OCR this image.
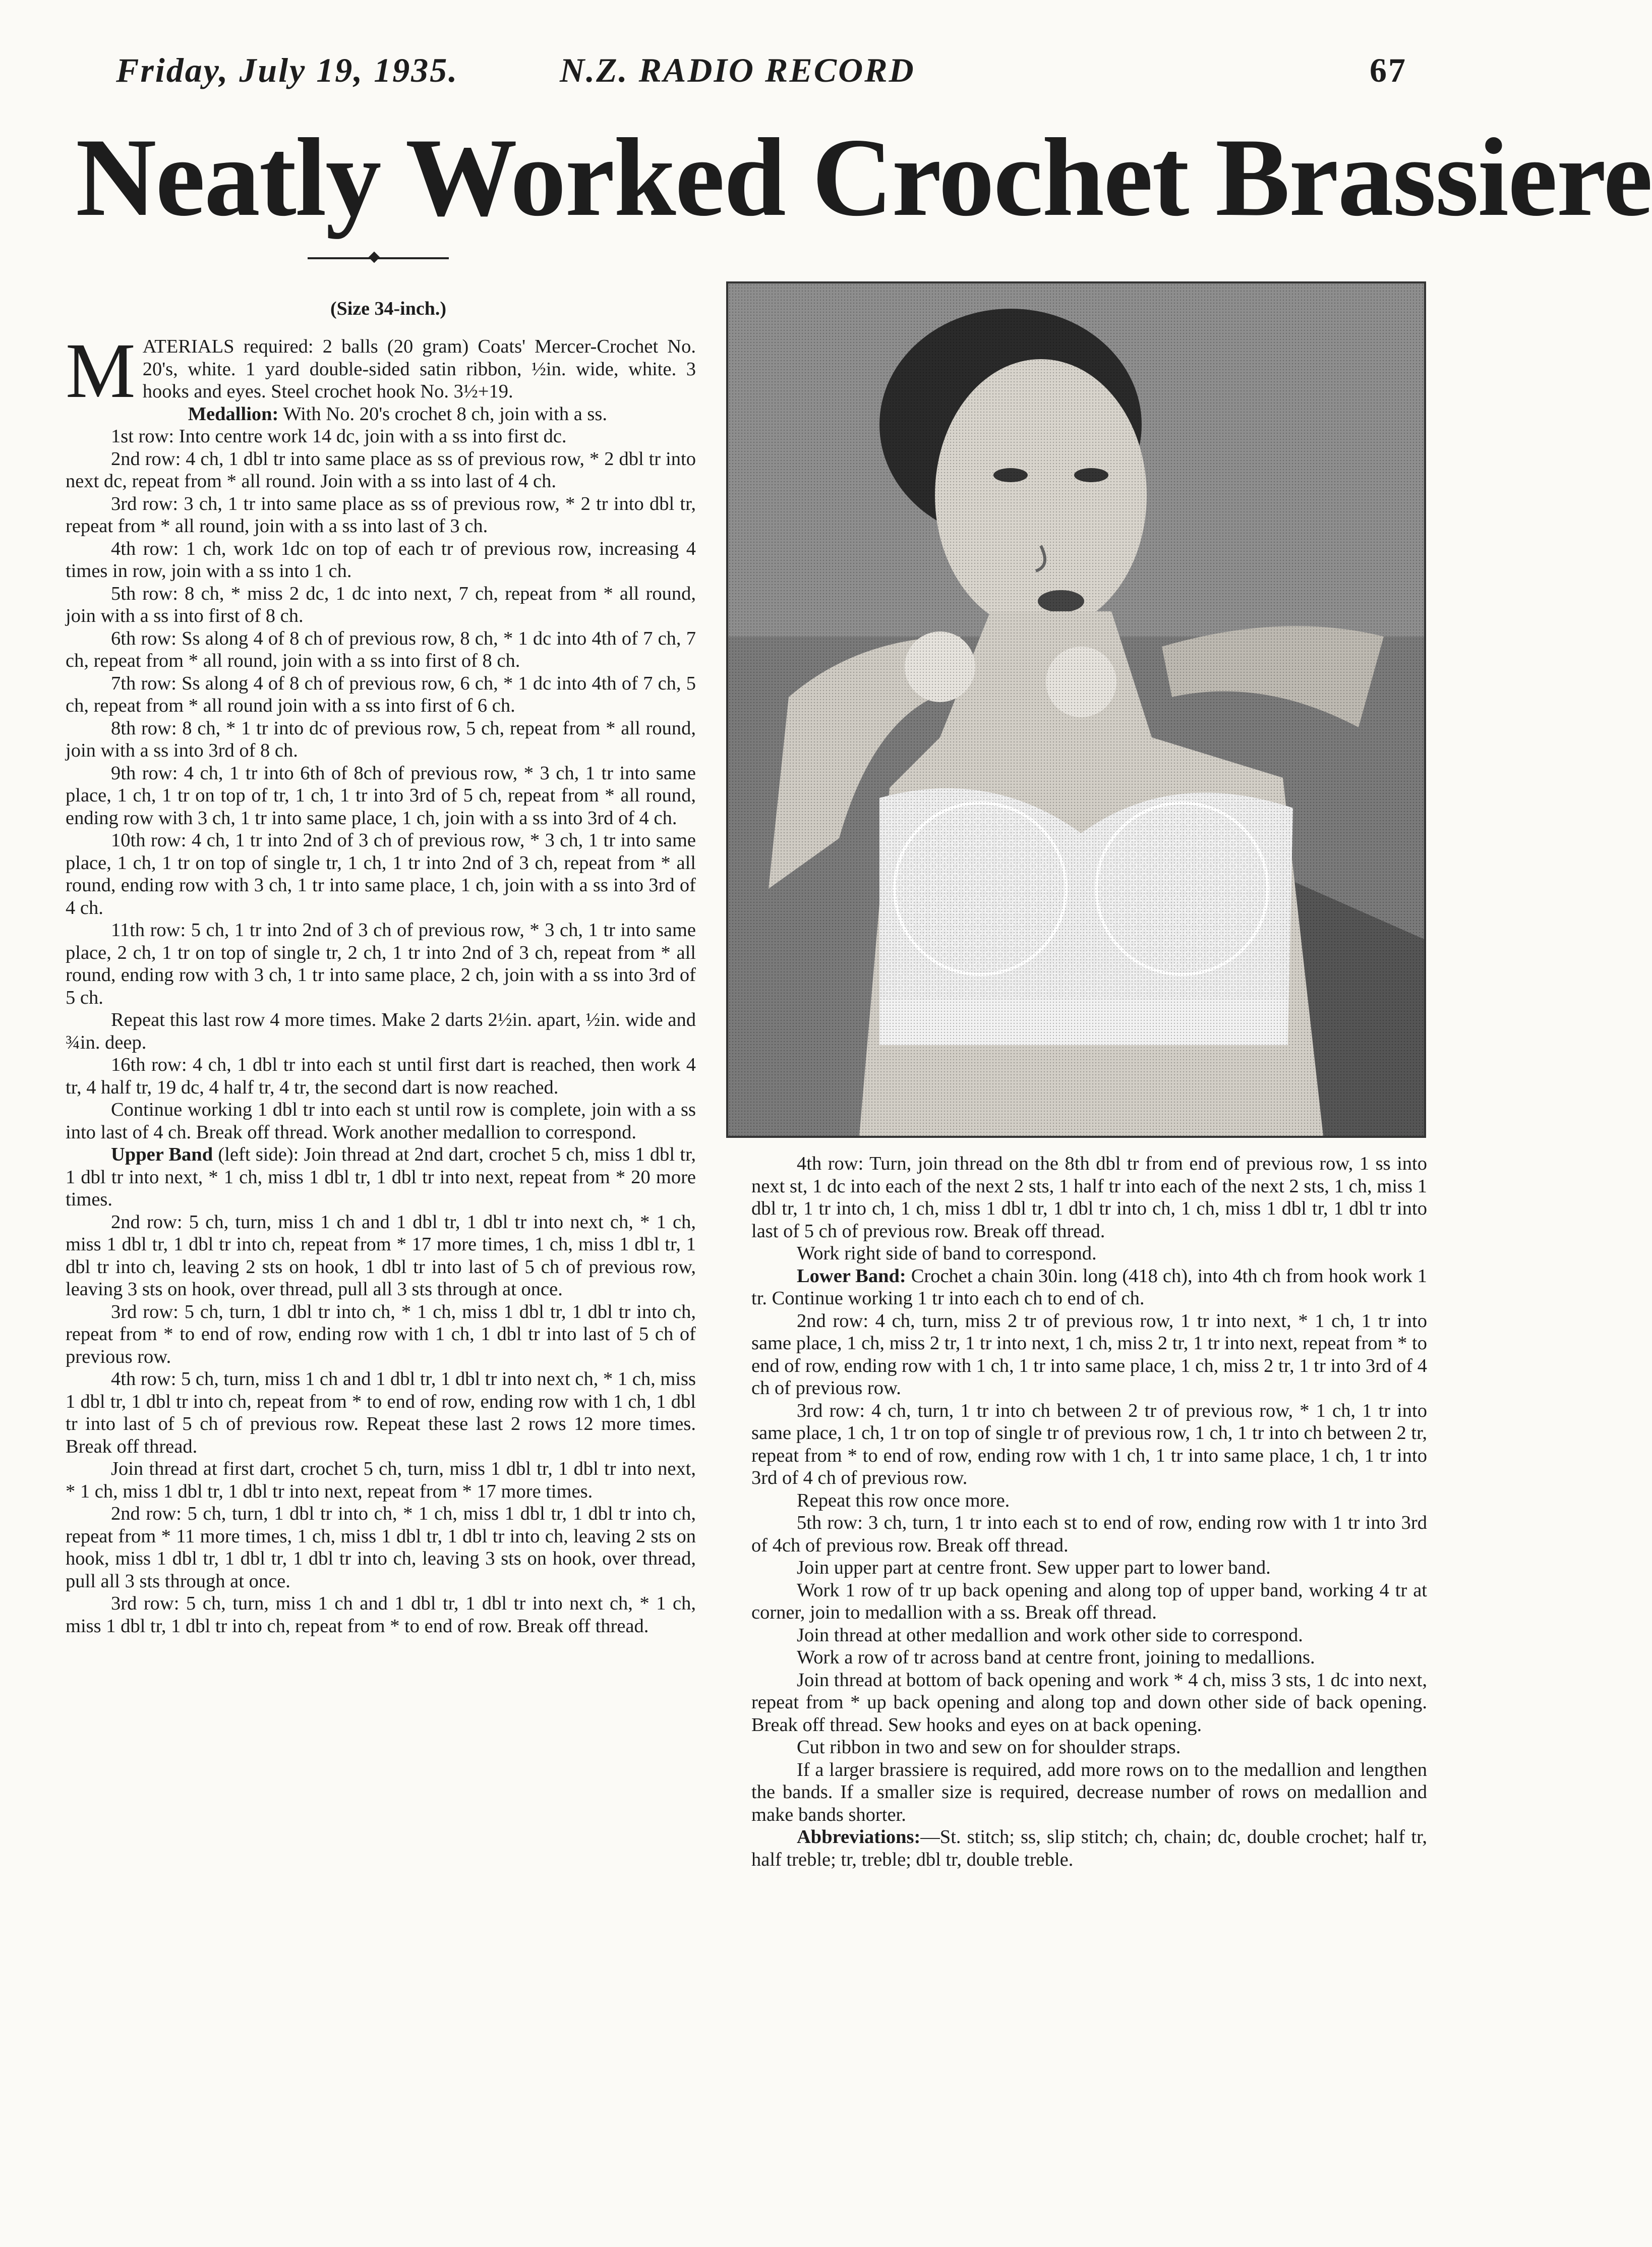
Friday, July 19, 1935.	N.Z. RADIO RECORD	67
Neatly Worked Crochet Brassiere
(Size 34-inch.)

MATERIALS required: 2 balls (20 gram) Coats' Mercer-Crochet No. 20's, white. 1 yard double-sided satin ribbon, ½in. wide, white. 3 hooks and eyes. Steel crochet hook No. 3½+19.

Medallion: With No. 20's crochet 8 ch, join with a ss.

1st row: Into centre work 14 dc, join with a ss into first dc.

2nd row: 4 ch, 1 dbl tr into same place as ss of previous row, * 2 dbl tr into next dc, repeat from * all round. Join with a ss into last of 4 ch.

3rd row: 3 ch, 1 tr into same place as ss of previous row, * 2 tr into dbl tr, repeat from * all round, join with a ss into last of 3 ch.

4th row: 1 ch, work 1dc on top of each tr of previous row, increasing 4 times in row, join with a ss into 1 ch.

5th row: 8 ch, * miss 2 dc, 1 dc into next, 7 ch, repeat from * all round, join with a ss into first of 8 ch.

6th row: Ss along 4 of 8 ch of previous row, 8 ch, * 1 dc into 4th of 7 ch, 7 ch, repeat from * all round, join with a ss into first of 8 ch.

7th row: Ss along 4 of 8 ch of previous row, 6 ch, * 1 dc into 4th of 7 ch, 5 ch, repeat from * all round join with a ss into first of 6 ch.

8th row: 8 ch, * 1 tr into dc of previous row, 5 ch, repeat from * all round, join with a ss into 3rd of 8 ch.

9th row: 4 ch, 1 tr into 6th of 8ch of previous row, * 3 ch, 1 tr into same place, 1 ch, 1 tr on top of tr, 1 ch, 1 tr into 3rd of 5 ch, repeat from * all round, ending row with 3 ch, 1 tr into same place, 1 ch, join with a ss into 3rd of 4 ch.

10th row: 4 ch, 1 tr into 2nd of 3 ch of previous row, * 3 ch, 1 tr into same place, 1 ch, 1 tr on top of single tr, 1 ch, 1 tr into 2nd of 3 ch, repeat from * all round, ending row with 3 ch, 1 tr into same place, 1 ch, join with a ss into 3rd of 4 ch.

11th row: 5 ch, 1 tr into 2nd of 3 ch of previous row, * 3 ch, 1 tr into same place, 2 ch, 1 tr on top of single tr, 2 ch, 1 tr into 2nd of 3 ch, repeat from * all round, ending row with 3 ch, 1 tr into same place, 2 ch, join with a ss into 3rd of 5 ch.

Repeat this last row 4 more times. Make 2 darts 2½in. apart, ½in. wide and ¾in. deep.

16th row: 4 ch, 1 dbl tr into each st until first dart is reached, then work 4 tr, 4 half tr, 19 dc, 4 half tr, 4 tr, the second dart is now reached.

Continue working 1 dbl tr into each st until row is complete, join with a ss into last of 4 ch. Break off thread. Work another medallion to correspond.

Upper Band (left side): Join thread at 2nd dart, crochet 5 ch, miss 1 dbl tr, 1 dbl tr into next, * 1 ch, miss 1 dbl tr, 1 dbl tr into next, repeat from * 20 more times.

2nd row: 5 ch, turn, miss 1 ch and 1 dbl tr, 1 dbl tr into next ch, * 1 ch, miss 1 dbl tr, 1 dbl tr into ch, repeat from * 17 more times, 1 ch, miss 1 dbl tr, 1 dbl tr into ch, leaving 2 sts on hook, 1 dbl tr into last of 5 ch of previous row, leaving 3 sts on hook, over thread, pull all 3 sts through at once.

3rd row: 5 ch, turn, 1 dbl tr into ch, * 1 ch, miss 1 dbl tr, 1 dbl tr into ch, repeat from * to end of row, ending row with 1 ch, 1 dbl tr into last of 5 ch of previous row.

4th row: 5 ch, turn, miss 1 ch and 1 dbl tr, 1 dbl tr into next ch, * 1 ch, miss 1 dbl tr, 1 dbl tr into ch, repeat from * to end of row, ending row with 1 ch, 1 dbl tr into last of 5 ch of previous row. Repeat these last 2 rows 12 more times. Break off thread.

Join thread at first dart, crochet 5 ch, turn, miss 1 dbl tr, 1 dbl tr into next, * 1 ch, miss 1 dbl tr, 1 dbl tr into next, repeat from * 17 more times.

2nd row: 5 ch, turn, 1 dbl tr into ch, * 1 ch, miss 1 dbl tr, 1 dbl tr into ch, repeat from * 11 more times, 1 ch, miss 1 dbl tr, 1 dbl tr into ch, leaving 2 sts on hook, miss 1 dbl tr, 1 dbl tr, 1 dbl tr into ch, leaving 3 sts on hook, over thread, pull all 3 sts through at once.

3rd row: 5 ch, turn, miss 1 ch and 1 dbl tr, 1 dbl tr into next ch, * 1 ch, miss 1 dbl tr, 1 dbl tr into ch, repeat from * to end of row. Break off thread.

4th row: Turn, join thread on the 8th dbl tr from end of previous row, 1 ss into next st, 1 dc into each of the next 2 sts, 1 half tr into each of the next 2 sts, 1 ch, miss 1 dbl tr, 1 tr into ch, 1 ch, miss 1 dbl tr, 1 dbl tr into ch, 1 ch, miss 1 dbl tr, 1 dbl tr into last of 5 ch of previous row. Break off thread.

Work right side of band to correspond.

Lower Band: Crochet a chain 30in. long (418 ch), into 4th ch from hook work 1 tr. Continue working 1 tr into each ch to end of ch.

2nd row: 4 ch, turn, miss 2 tr of previous row, 1 tr into next, * 1 ch, 1 tr into same place, 1 ch, miss 2 tr, 1 tr into next, 1 ch, miss 2 tr, 1 tr into next, repeat from * to end of row, ending row with 1 ch, 1 tr into same place, 1 ch, miss 2 tr, 1 tr into 3rd of 4 ch of previous row.

3rd row: 4 ch, turn, 1 tr into ch between 2 tr of previous row, * 1 ch, 1 tr into same place, 1 ch, 1 tr on top of single tr of previous row, 1 ch, 1 tr into ch between 2 tr, repeat from * to end of row, ending row with 1 ch, 1 tr into same place, 1 ch, 1 tr into 3rd of 4 ch of previous row.

Repeat this row once more.

5th row: 3 ch, turn, 1 tr into each st to end of row, ending row with 1 tr into 3rd of 4ch of previous row. Break off thread.

Join upper part at centre front. Sew upper part to lower band.

Work 1 row of tr up back opening and along top of upper band, working 4 tr at corner, join to medallion with a ss. Break off thread.

Join thread at other medallion and work other side to correspond.

Work a row of tr across band at centre front, joining to medallions.

Join thread at bottom of back opening and work * 4 ch, miss 3 sts, 1 dc into next, repeat from * up back opening and along top and down other side of back opening. Break off thread. Sew hooks and eyes on at back opening.

Cut ribbon in two and sew on for shoulder straps.

If a larger brassiere is required, add more rows on to the medallion and lengthen the bands. If a smaller size is required, decrease number of rows on medallion and make bands shorter.

Abbreviations:—St. stitch; ss, slip stitch; ch, chain; dc, double crochet; half tr, half treble; tr, treble; dbl tr, double treble.
